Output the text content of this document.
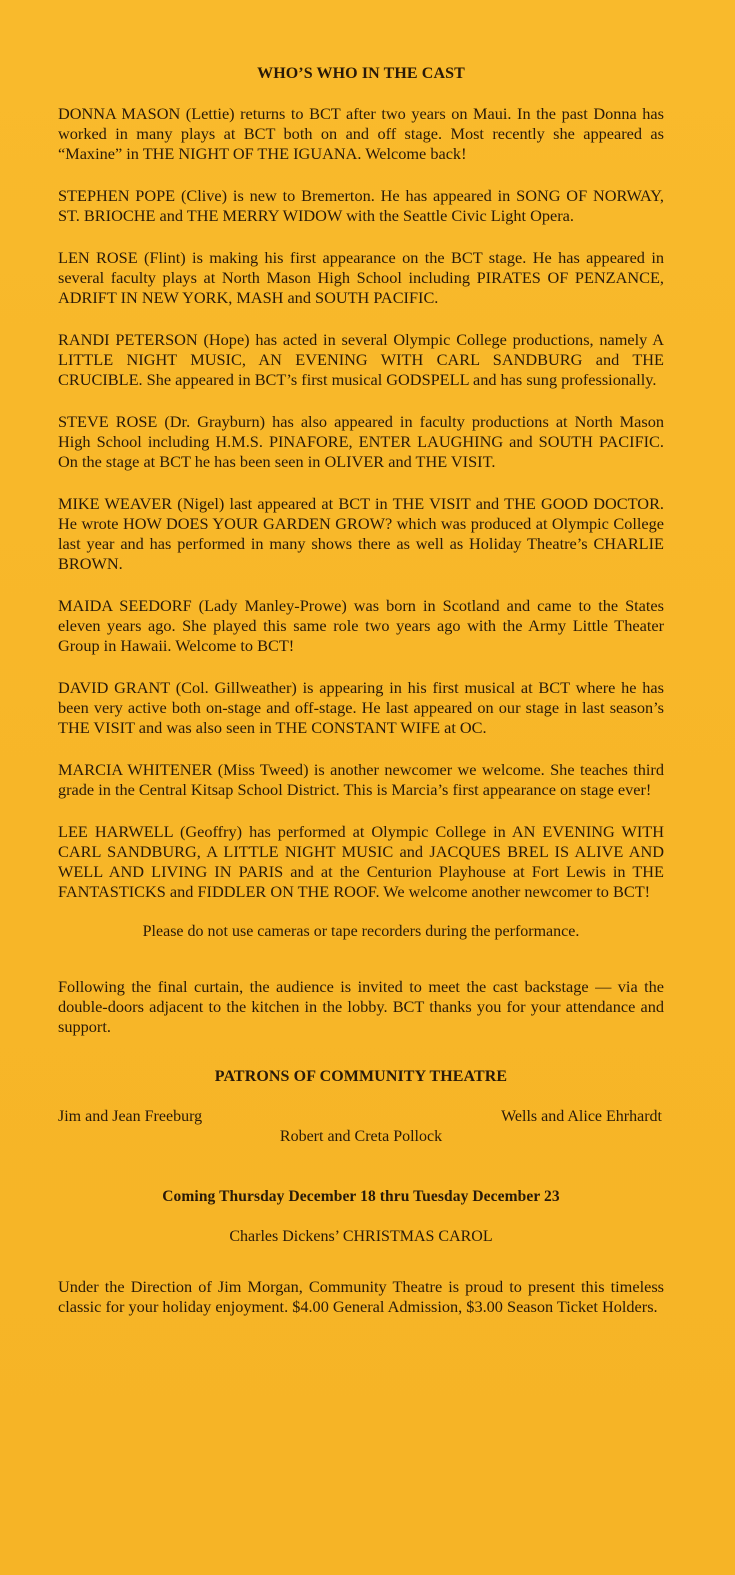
WHO’S WHO IN THE CAST

DONNA MASON (Lettie) returns to BCT after two years on Maui. In the past Donna has worked in many plays at BCT both on and off stage. Most recently she appeared as “Maxine” in THE NIGHT OF THE IGUANA. Welcome back!

STEPHEN POPE (Clive) is new to Bremerton. He has appeared in SONG OF NORWAY, ST. BRIOCHE and THE MERRY WIDOW with the Seattle Civic Light Opera.

LEN ROSE (Flint) is making his first appearance on the BCT stage. He has appeared in several faculty plays at North Mason High School including PIRATES OF PENZANCE, ADRIFT IN NEW YORK, MASH and SOUTH PACIFIC.

RANDI PETERSON (Hope) has acted in several Olympic College productions, namely A LITTLE NIGHT MUSIC, AN EVENING WITH CARL SANDBURG and THE CRUCIBLE. She appeared in BCT’s first musical GODSPELL and has sung professionally.

STEVE ROSE (Dr. Grayburn) has also appeared in faculty productions at North Mason High School including H.M.S. PINAFORE, ENTER LAUGHING and SOUTH PACIFIC. On the stage at BCT he has been seen in OLIVER and THE VISIT.

MIKE WEAVER (Nigel) last appeared at BCT in THE VISIT and THE GOOD DOCTOR. He wrote HOW DOES YOUR GARDEN GROW? which was produced at Olympic College last year and has performed in many shows there as well as Holiday Theatre’s CHARLIE BROWN.

MAIDA SEEDORF (Lady Manley-Prowe) was born in Scotland and came to the States eleven years ago. She played this same role two years ago with the Army Little Theater Group in Hawaii. Welcome to BCT!

DAVID GRANT (Col. Gillweather) is appearing in his first musical at BCT where he has been very active both on-stage and off-stage. He last appeared on our stage in last season’s THE VISIT and was also seen in THE CONSTANT WIFE at OC.

MARCIA WHITENER (Miss Tweed) is another newcomer we welcome. She teaches third grade in the Central Kitsap School District. This is Marcia’s first appearance on stage ever!

LEE HARWELL (Geoffry) has performed at Olympic College in AN EVENING WITH CARL SANDBURG, A LITTLE NIGHT MUSIC and JACQUES BREL IS ALIVE AND WELL AND LIVING IN PARIS and at the Centurion Playhouse at Fort Lewis in THE FANTASTICKS and FIDDLER ON THE ROOF. We welcome another newcomer to BCT!

Please do not use cameras or tape recorders during the performance.

Following the final curtain, the audience is invited to meet the cast backstage — via the double-doors adjacent to the kitchen in the lobby. BCT thanks you for your attendance and support.

PATRONS OF COMMUNITY THEATRE
Jim and Jean Freeburg	Wells and Alice Ehrhardt
Robert and Creta Pollock
Coming Thursday December 18 thru Tuesday December 23
Charles Dickens’ CHRISTMAS CAROL

Under the Direction of Jim Morgan, Community Theatre is proud to present this timeless classic for your holiday enjoyment. $4.00 General Admission, $3.00 Season Ticket Holders.
